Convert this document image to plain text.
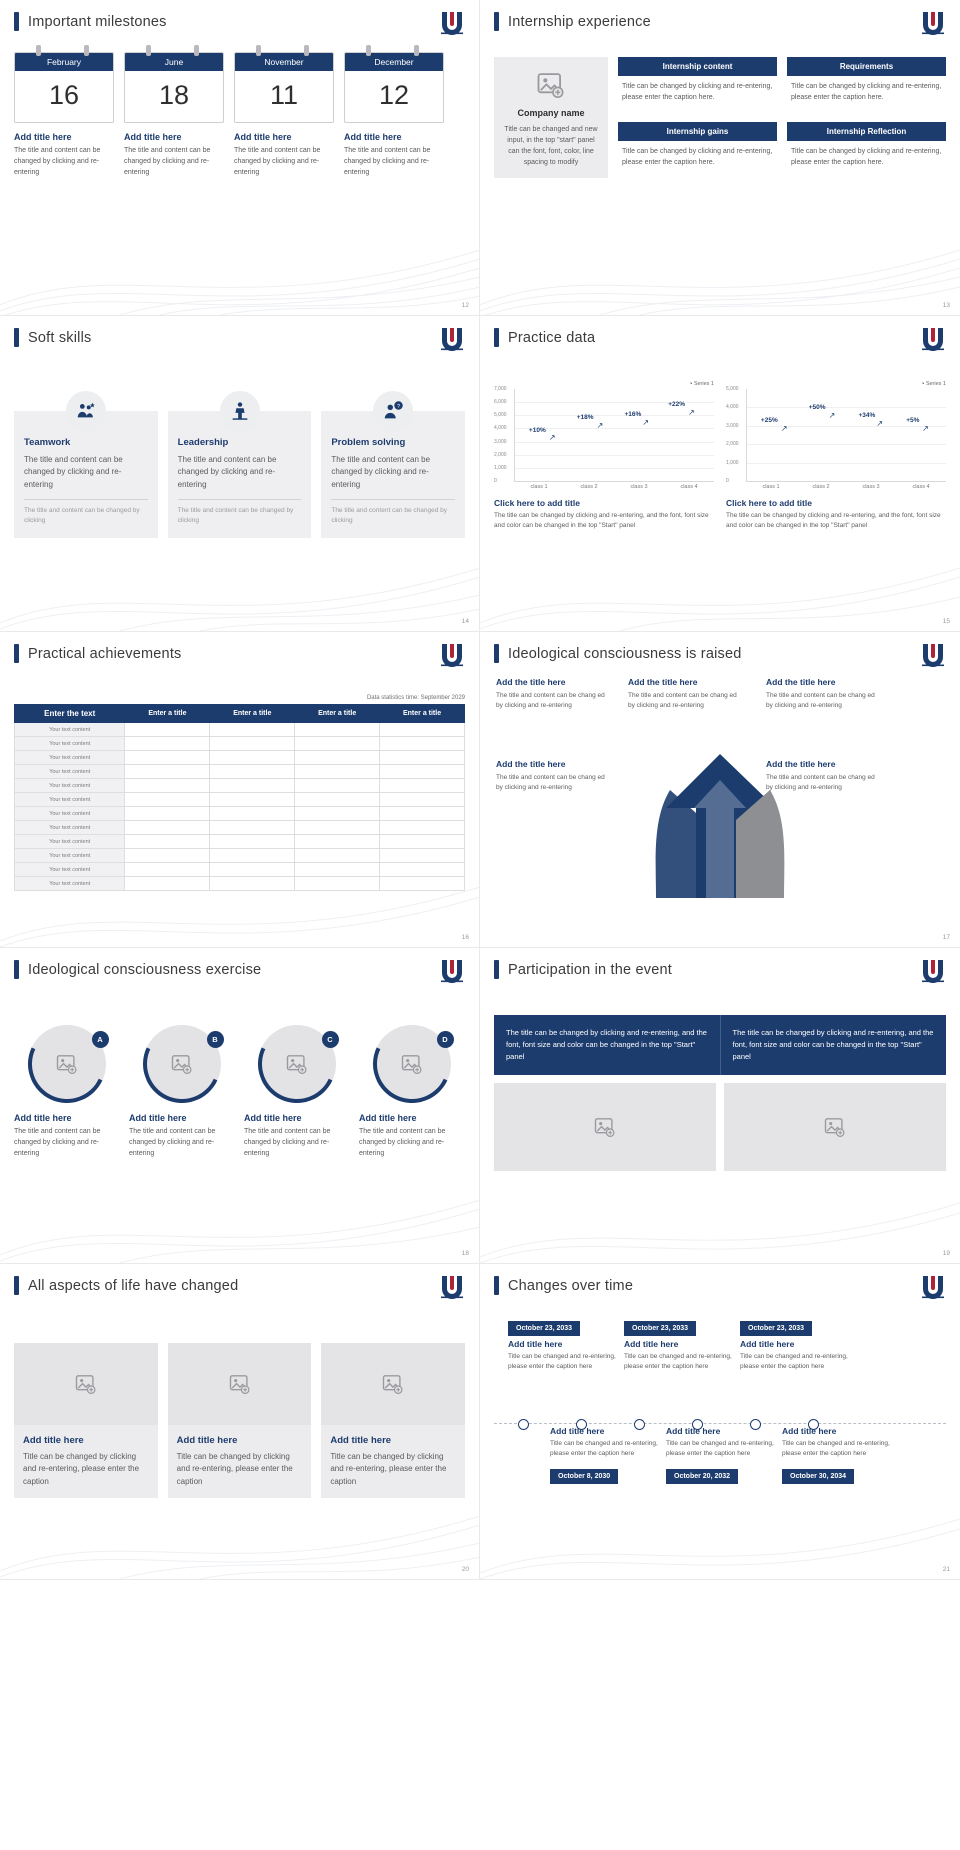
Important milestones
February
16
Add title here
The title and content can be changed by clicking and re-entering
June
18
Add title here
The title and content can be changed by clicking and re-entering
November
11
Add title here
The title and content can be changed by clicking and re-entering
December
12
Add title here
The title and content can be changed by clicking and re-entering
12
Internship experience
Company name
Title can be changed and new input, in the top "start" panel can the font, font, color, line spacing to modify
Internship content
Title can be changed by clicking and re-entering, please enter the caption here.
Requirements
Title can be changed by clicking and re-entering, please enter the caption here.
Internship gains
Title can be changed by clicking and re-entering, please enter the caption here.
Internship Reflection
Title can be changed by clicking and re-entering, please enter the caption here.
13
Soft skills
Teamwork
The title and content can be changed by clicking and re-entering
The title and content can be changed by clicking
Leadership
The title and content can be changed by clicking and re-entering
The title and content can be changed by clicking
?
Problem solving
The title and content can be changed by clicking and re-entering
The title and content can be changed by clicking
14
Practice data
▪ Series 1
7,000
6,000
5,000
4,000
3,000
2,000
1,000
0
+10%
+18%	+16%
+22%
↗
↗	↗
↗
class 1	class 2	class 3	class 4
Click here to add title
The title can be changed by clicking and re-entering, and the font, font size and color can be changed in the top "Start" panel
▪ Series 1
5,000
4,000
3,000
2,000
1,000
0
+25%
+50%
+34%
+5%
↗
↗
↗
↗
class 1	class 2	class 3	class 4
Click here to add title
The title can be changed by clicking and re-entering, and the font, font size and color can be changed in the top "Start" panel
15
Practical achievements
Data statistics time: September 2029
Enter the text	Enter a title	Enter a title	Enter a title	Enter a title
Your text content				
Your text content				
Your text content				
Your text content				
Your text content				
Your text content				
Your text content				
Your text content				
Your text content				
Your text content				
Your text content				
Your text content				
16
Ideological consciousness is raised
Add the title here
The title and content can be chang ed by clicking and re-entering
Add the title here
The title and content can be chang ed by clicking and re-entering
Add the title here
The title and content can be chang ed by clicking and re-entering
Add the title here
The title and content can be chang ed by clicking and re-entering
Add the title here
The title and content can be chang ed by clicking and re-entering
17
Ideological consciousness exercise
A
Add title here
The title and content can be changed by clicking and re-entering
B
Add title here
The title and content can be changed by clicking and re-entering
C
Add title here
The title and content can be changed by clicking and re-entering
D
Add title here
The title and content can be changed by clicking and re-entering
18
Participation in the event
The title can be changed by clicking and re-entering, and the font, font size and color can be changed in the top "Start" panel
The title can be changed by clicking and re-entering, and the font, font size and color can be changed in the top "Start" panel
19
All aspects of life have changed
Add title here
Title can be changed by clicking and re-entering, please enter the caption
Add title here
Title can be changed by clicking and re-entering, please enter the caption
Add title here
Title can be changed by clicking and re-entering, please enter the caption
20
Changes over time
October 23, 2033
Add title here
Title can be changed and re-entering, please enter the caption here
October 23, 2033
Add title here
Title can be changed and re-entering, please enter the caption here
October 23, 2033
Add title here
Title can be changed and re-entering, please enter the caption here
Add title here
Title can be changed and re-entering, please enter the caption here
October 8, 2030
Add title here
Title can be changed and re-entering, please enter the caption here
October 20, 2032
Add title here
Title can be changed and re-entering, please enter the caption here
October 30, 2034
21
